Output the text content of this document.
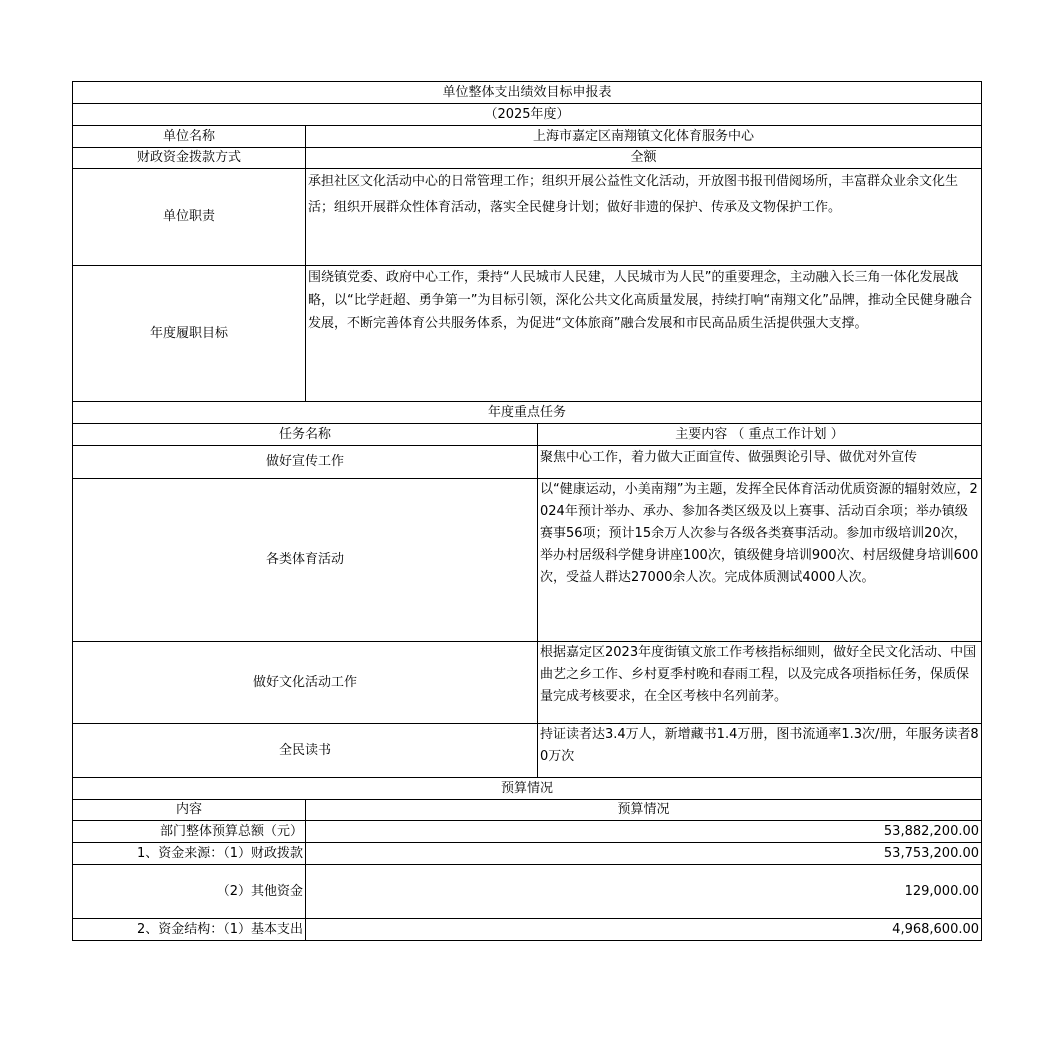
单位整体支出绩效目标申报表		
（2025年度）		
单位名称	上海市嘉定区南翔镇文化体育服务中心	
财政资金拨款方式	全额	
单位职责	承担社区文化活动中心的日常管理工作；组织开展公益性文化活动，开放图书报刊借阅场所，丰富群众业余文化生活；组织开展群众性体育活动，落实全民健身计划；做好非遗的保护、传承及文物保护工作。	
年度履职目标	围绕镇党委、政府中心工作，秉持“人民城市人民建，人民城市为人民”的重要理念，主动融入长三角一体化发展战略，以“比学赶超、勇争第一”为目标引领，深化公共文化高质量发展，持续打响“南翔文化”品牌，推动全民健身融合发展，不断完善体育公共服务体系，为促进“文体旅商”融合发展和市民高品质生活提供强大支撑。	
年度重点任务		
任务名称		主要内容 （ 重点工作计划 ）
做好宣传工作		聚焦中心工作，着力做大正面宣传、做强舆论引导、做优对外宣传
各类体育活动		以“健康运动，小美南翔”为主题，发挥全民体育活动优质资源的辐射效应，2024年预计举办、承办、参加各类区级及以上赛事、活动百余项；举办镇级赛事56项；预计15余万人次参与各级各类赛事活动。参加市级培训20次，举办村居级科学健身讲座100次，镇级健身培训900次、村居级健身培训600次，受益人群达27000余人次。完成体质测试4000人次。
做好文化活动工作		根据嘉定区2023年度街镇文旅工作考核指标细则，做好全民文化活动、中国曲艺之乡工作、乡村夏季村晚和春雨工程，以及完成各项指标任务，保质保量完成考核要求，在全区考核中名列前茅。
全民读书		持证读者达3.4万人，新增藏书1.4万册，图书流通率1.3次/册，年服务读者80万次
预算情况		
内容	预算情况	
部门整体预算总额（元）	53,882,200.00	
1、资金来源：（1）财政拨款	53,753,200.00	
（2）其他资金	129,000.00	
2、资金结构：（1）基本支出	4,968,600.00	
